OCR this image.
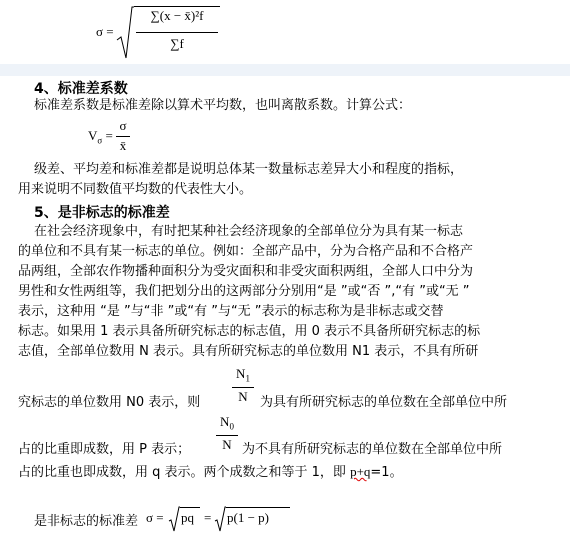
σ =
∑(x − x̄)²f
∑f
4、标准差系数
标准差系数是标准差除以算术平均数，也叫离散系数。计算公式：
$V_\sigma$ =
σ
x̄
级差、平均差和标准差都是说明总体某一数量标志差异大小和程度的指标，
用来说明不同数值平均数的代表性大小。
5、是非标志的标准差
在社会经济现象中，有时把某种社会经济现象的全部单位分为具有某一标志
的单位和不具有某一标志的单位。例如：全部产品中，分为合格产品和不合格产
品两组，全部农作物播种面积分为受灾面积和非受灾面积两组，全部人口中分为
男性和女性两组等，我们把划分出的这两部分分别用“是 ”或“否 ”,“有 ”或“无 ”
表示，这种用 “是 ”与“非 ”或“有 ”与“无 ”表示的标志称为是非标志或交替
标志。如果用 1 表示具备所研究标志的标志值，用 0 表示不具备所研究标志的标
志值，全部单位数用 N 表示。具有所研究标志的单位数用 N1 表示，不具有所研
究标志的单位数用 N0 表示，则
$N_1$
N 为具有所研究标志的单位数在全部单位中所
占的比重即成数，用 P 表示；
$N_0$
N 为不具有所研究标志的单位数在全部单位中所
占的比重也即成数，用 q 表示。两个成数之和等于 1，即 p+q=1。
是非标志的标准差 σ = pq = p(1 − p)
